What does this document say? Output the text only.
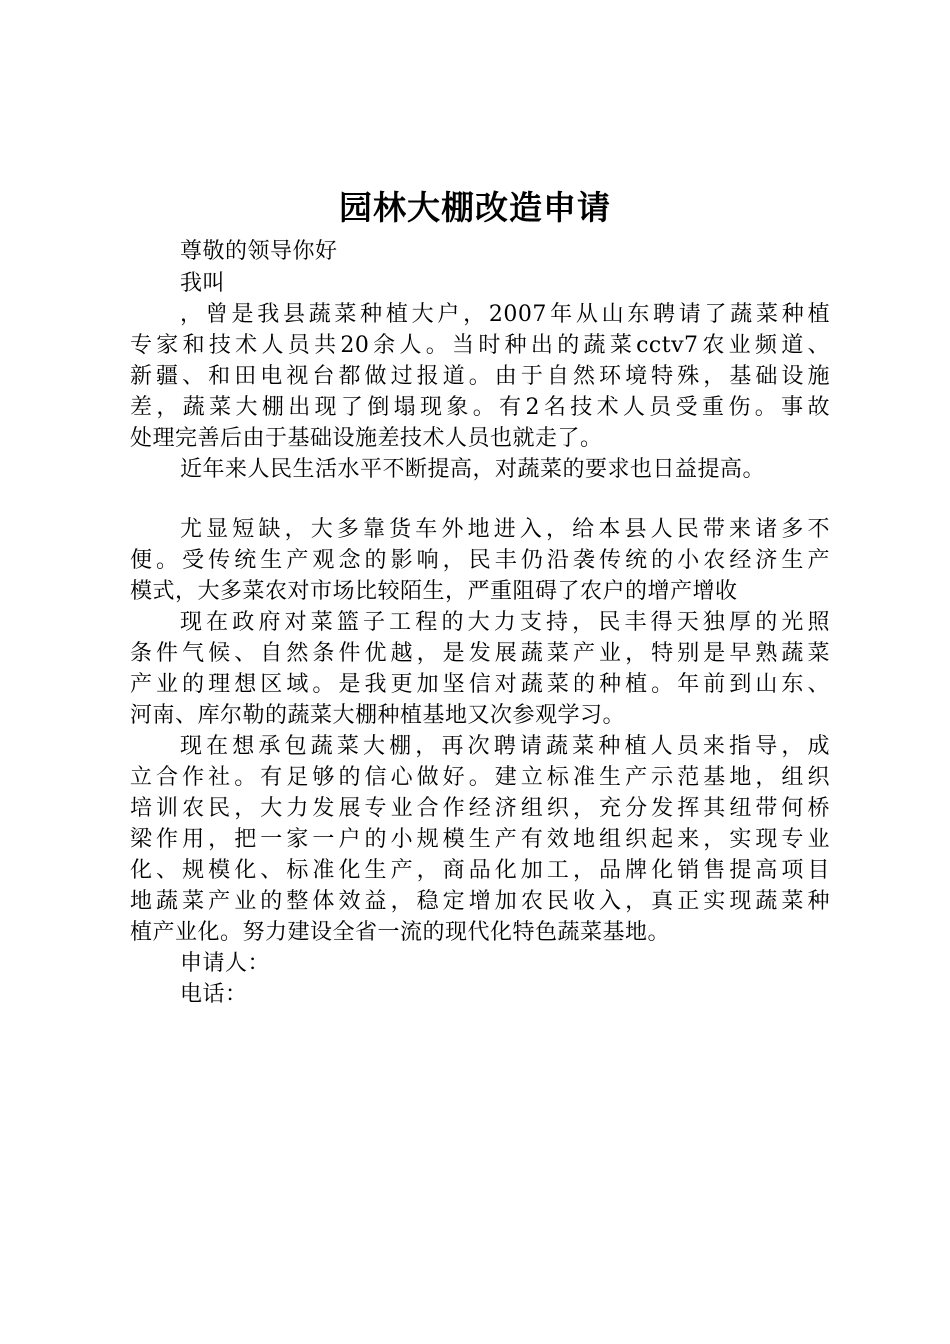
园林大棚改造申请

尊敬的领导你好

我叫

，曾是我县蔬菜种植大户，2007年从山东聘请了蔬菜种植

专家和技术人员共20余人。当时种出的蔬菜cctv7农业频道、

新疆、和田电视台都做过报道。由于自然环境特殊，基础设施

差，蔬菜大棚出现了倒塌现象。有2名技术人员受重伤。事故

处理完善后由于基础设施差技术人员也就走了。

近年来人民生活水平不断提高，对蔬菜的要求也日益提高。

尤显短缺，大多靠货车外地进入，给本县人民带来诸多不

便。受传统生产观念的影响，民丰仍沿袭传统的小农经济生产

模式，大多菜农对市场比较陌生，严重阻碍了农户的增产增收

现在政府对菜篮子工程的大力支持，民丰得天独厚的光照

条件气候、自然条件优越，是发展蔬菜产业，特别是早熟蔬菜

产业的理想区域。是我更加坚信对蔬菜的种植。年前到山东、

河南、库尔勒的蔬菜大棚种植基地又次参观学习。

现在想承包蔬菜大棚，再次聘请蔬菜种植人员来指导，成

立合作社。有足够的信心做好。建立标准生产示范基地，组织

培训农民，大力发展专业合作经济组织，充分发挥其纽带何桥

梁作用，把一家一户的小规模生产有效地组织起来，实现专业

化、规模化、标准化生产，商品化加工，品牌化销售提高项目

地蔬菜产业的整体效益，稳定增加农民收入，真正实现蔬菜种

植产业化。努力建设全省一流的现代化特色蔬菜基地。

申请人：

电话：
